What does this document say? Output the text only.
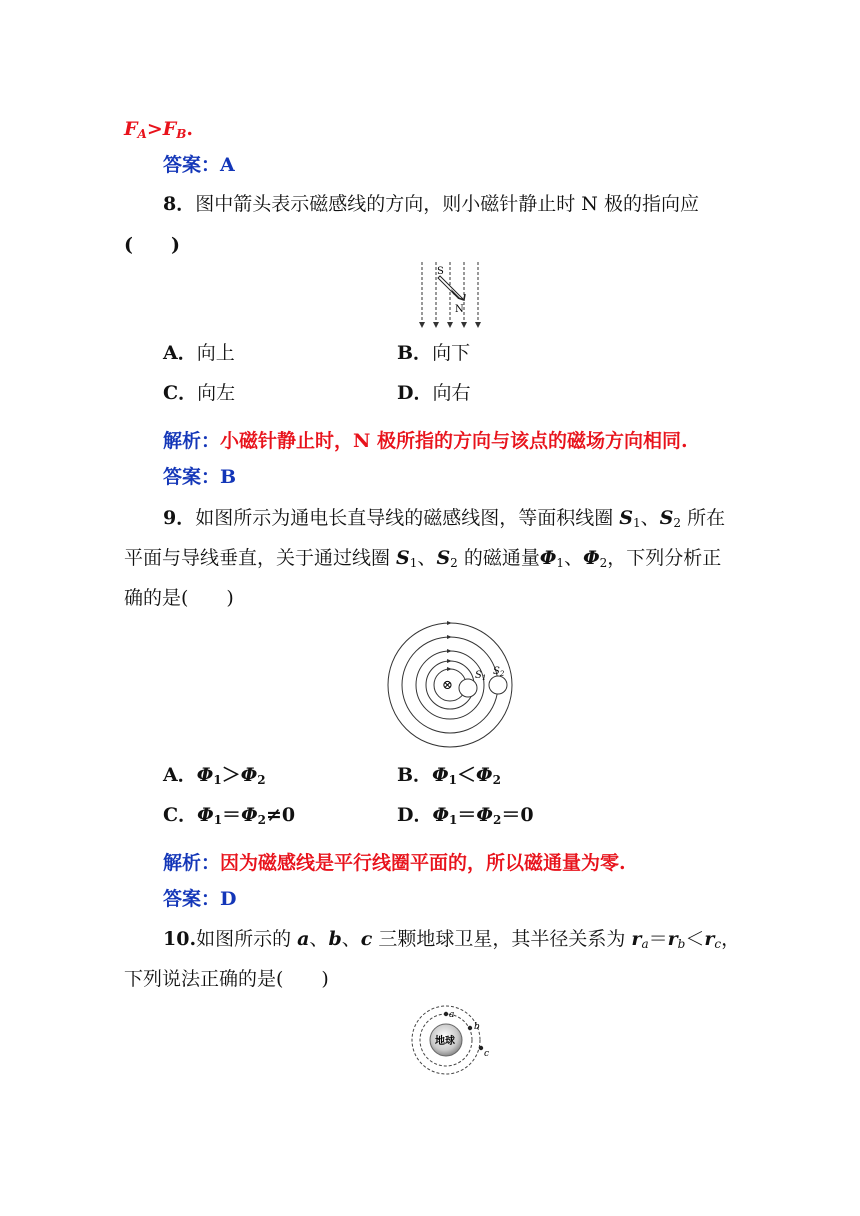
$F_A>F_B$.
答案：A
8．图中箭头表示磁感线的方向，则小磁针静止时 N 极的指向应
(　　)
S
N
A．向上	B．向下
C．向左	D．向右
解析：小磁针静止时，N 极所指的方向与该点的磁场方向相同.
答案：B
9．如图所示为通电长直导线的磁感线图，等面积线圈 $S_1$、$S_2$ 所在
平面与导线垂直，关于通过线圈 $S_1$、$S_2$ 的磁通量$\Phi_1$、$\Phi_2$，下列分析正
确的是(　　)
⊗
$S_1$
$S_2$
A．$\Phi_1>\Phi_2$	B．$\Phi_1<\Phi_2$
C．$\Phi_1=\Phi_2\ne 0$	D．$\Phi_1=\Phi_2=0$
解析：因为磁感线是平行线圈平面的，所以磁通量为零.
答案：D
10.如图所示的 a、b、c 三颗地球卫星，其半径关系为 $r_a=r_b<r_c$，
下列说法正确的是(　　)
地球
a
b
c
